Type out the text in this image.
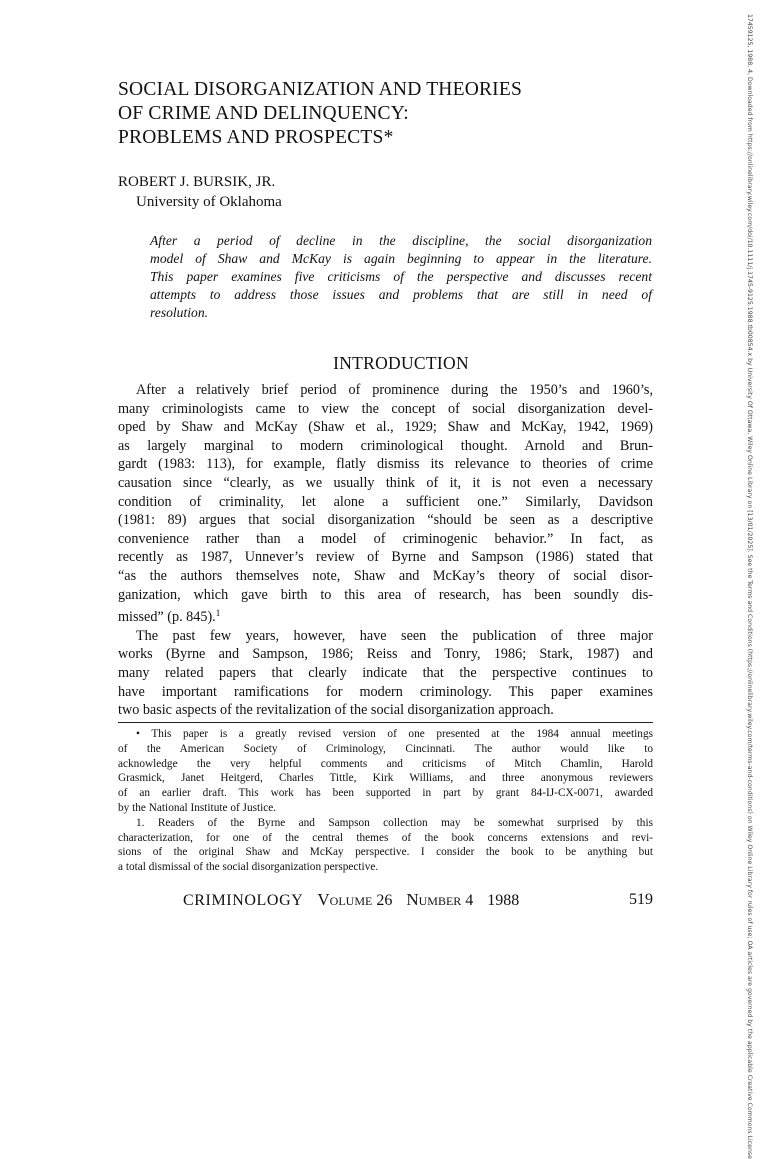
SOCIAL DISORGANIZATION AND THEORIES
OF CRIME AND DELINQUENCY:
PROBLEMS AND PROSPECTS*
ROBERT J. BURSIK, JR.
University of Oklahoma
After a period of decline in the discipline, the social disorganization
model of Shaw and McKay is again beginning to appear in the literature.
This paper examines five criticisms of the perspective and discusses recent
attempts to address those issues and problems that are still in need of
resolution.
INTRODUCTION
After a relatively brief period of prominence during the 1950’s and 1960’s,
many criminologists came to view the concept of social disorganization devel-
oped by Shaw and McKay (Shaw et al., 1929; Shaw and McKay, 1942, 1969)
as largely marginal to modern criminological thought. Arnold and Brun-
gardt (1983: 113), for example, flatly dismiss its relevance to theories of crime
causation since “clearly, as we usually think of it, it is not even a necessary
condition of criminality, let alone a sufficient one.” Similarly, Davidson
(1981: 89) argues that social disorganization “should be seen as a descriptive
convenience rather than a model of criminogenic behavior.” In fact, as
recently as 1987, Unnever’s review of Byrne and Sampson (1986) stated that
“as the authors themselves note, Shaw and McKay’s theory of social disor-
ganization, which gave birth to this area of research, has been soundly dis-
missed” (p. 845).$^1$
The past few years, however, have seen the publication of three major
works (Byrne and Sampson, 1986; Reiss and Tonry, 1986; Stark, 1987) and
many related papers that clearly indicate that the perspective continues to
have important ramifications for modern criminology. This paper examines
two basic aspects of the revitalization of the social disorganization approach.
• This paper is a greatly revised version of one presented at the 1984 annual meetings
of the American Society of Criminology, Cincinnati. The author would like to
acknowledge the very helpful comments and criticisms of Mitch Chamlin, Harold
Grasmick, Janet Heitgerd, Charles Tittle, Kirk Williams, and three anonymous reviewers
of an earlier draft. This work has been supported in part by grant 84-IJ-CX-0071, awarded
by the National Institute of Justice.
1. Readers of the Byrne and Sampson collection may be somewhat surprised by this
characterization, for one of the central themes of the book concerns extensions and revi-
sions of the original Shaw and McKay perspective. I consider the book to be anything but
a total dismissal of the social disorganization perspective.
CRIMINOLOGY Volume 26 Number 4 1988	519	17459125, 1988, 4, Downloaded from https://onlinelibrary.wiley.com/doi/10.1111/j.1745-9125.1988.tb00854.x by University Of Ottawa, Wiley Online Library on [13/01/2025]. See the Terms and Conditions (https://onlinelibrary.wiley.com/terms-and-conditions) on Wiley Online Library for rules of use; OA articles are governed by the applicable Creative Commons License
